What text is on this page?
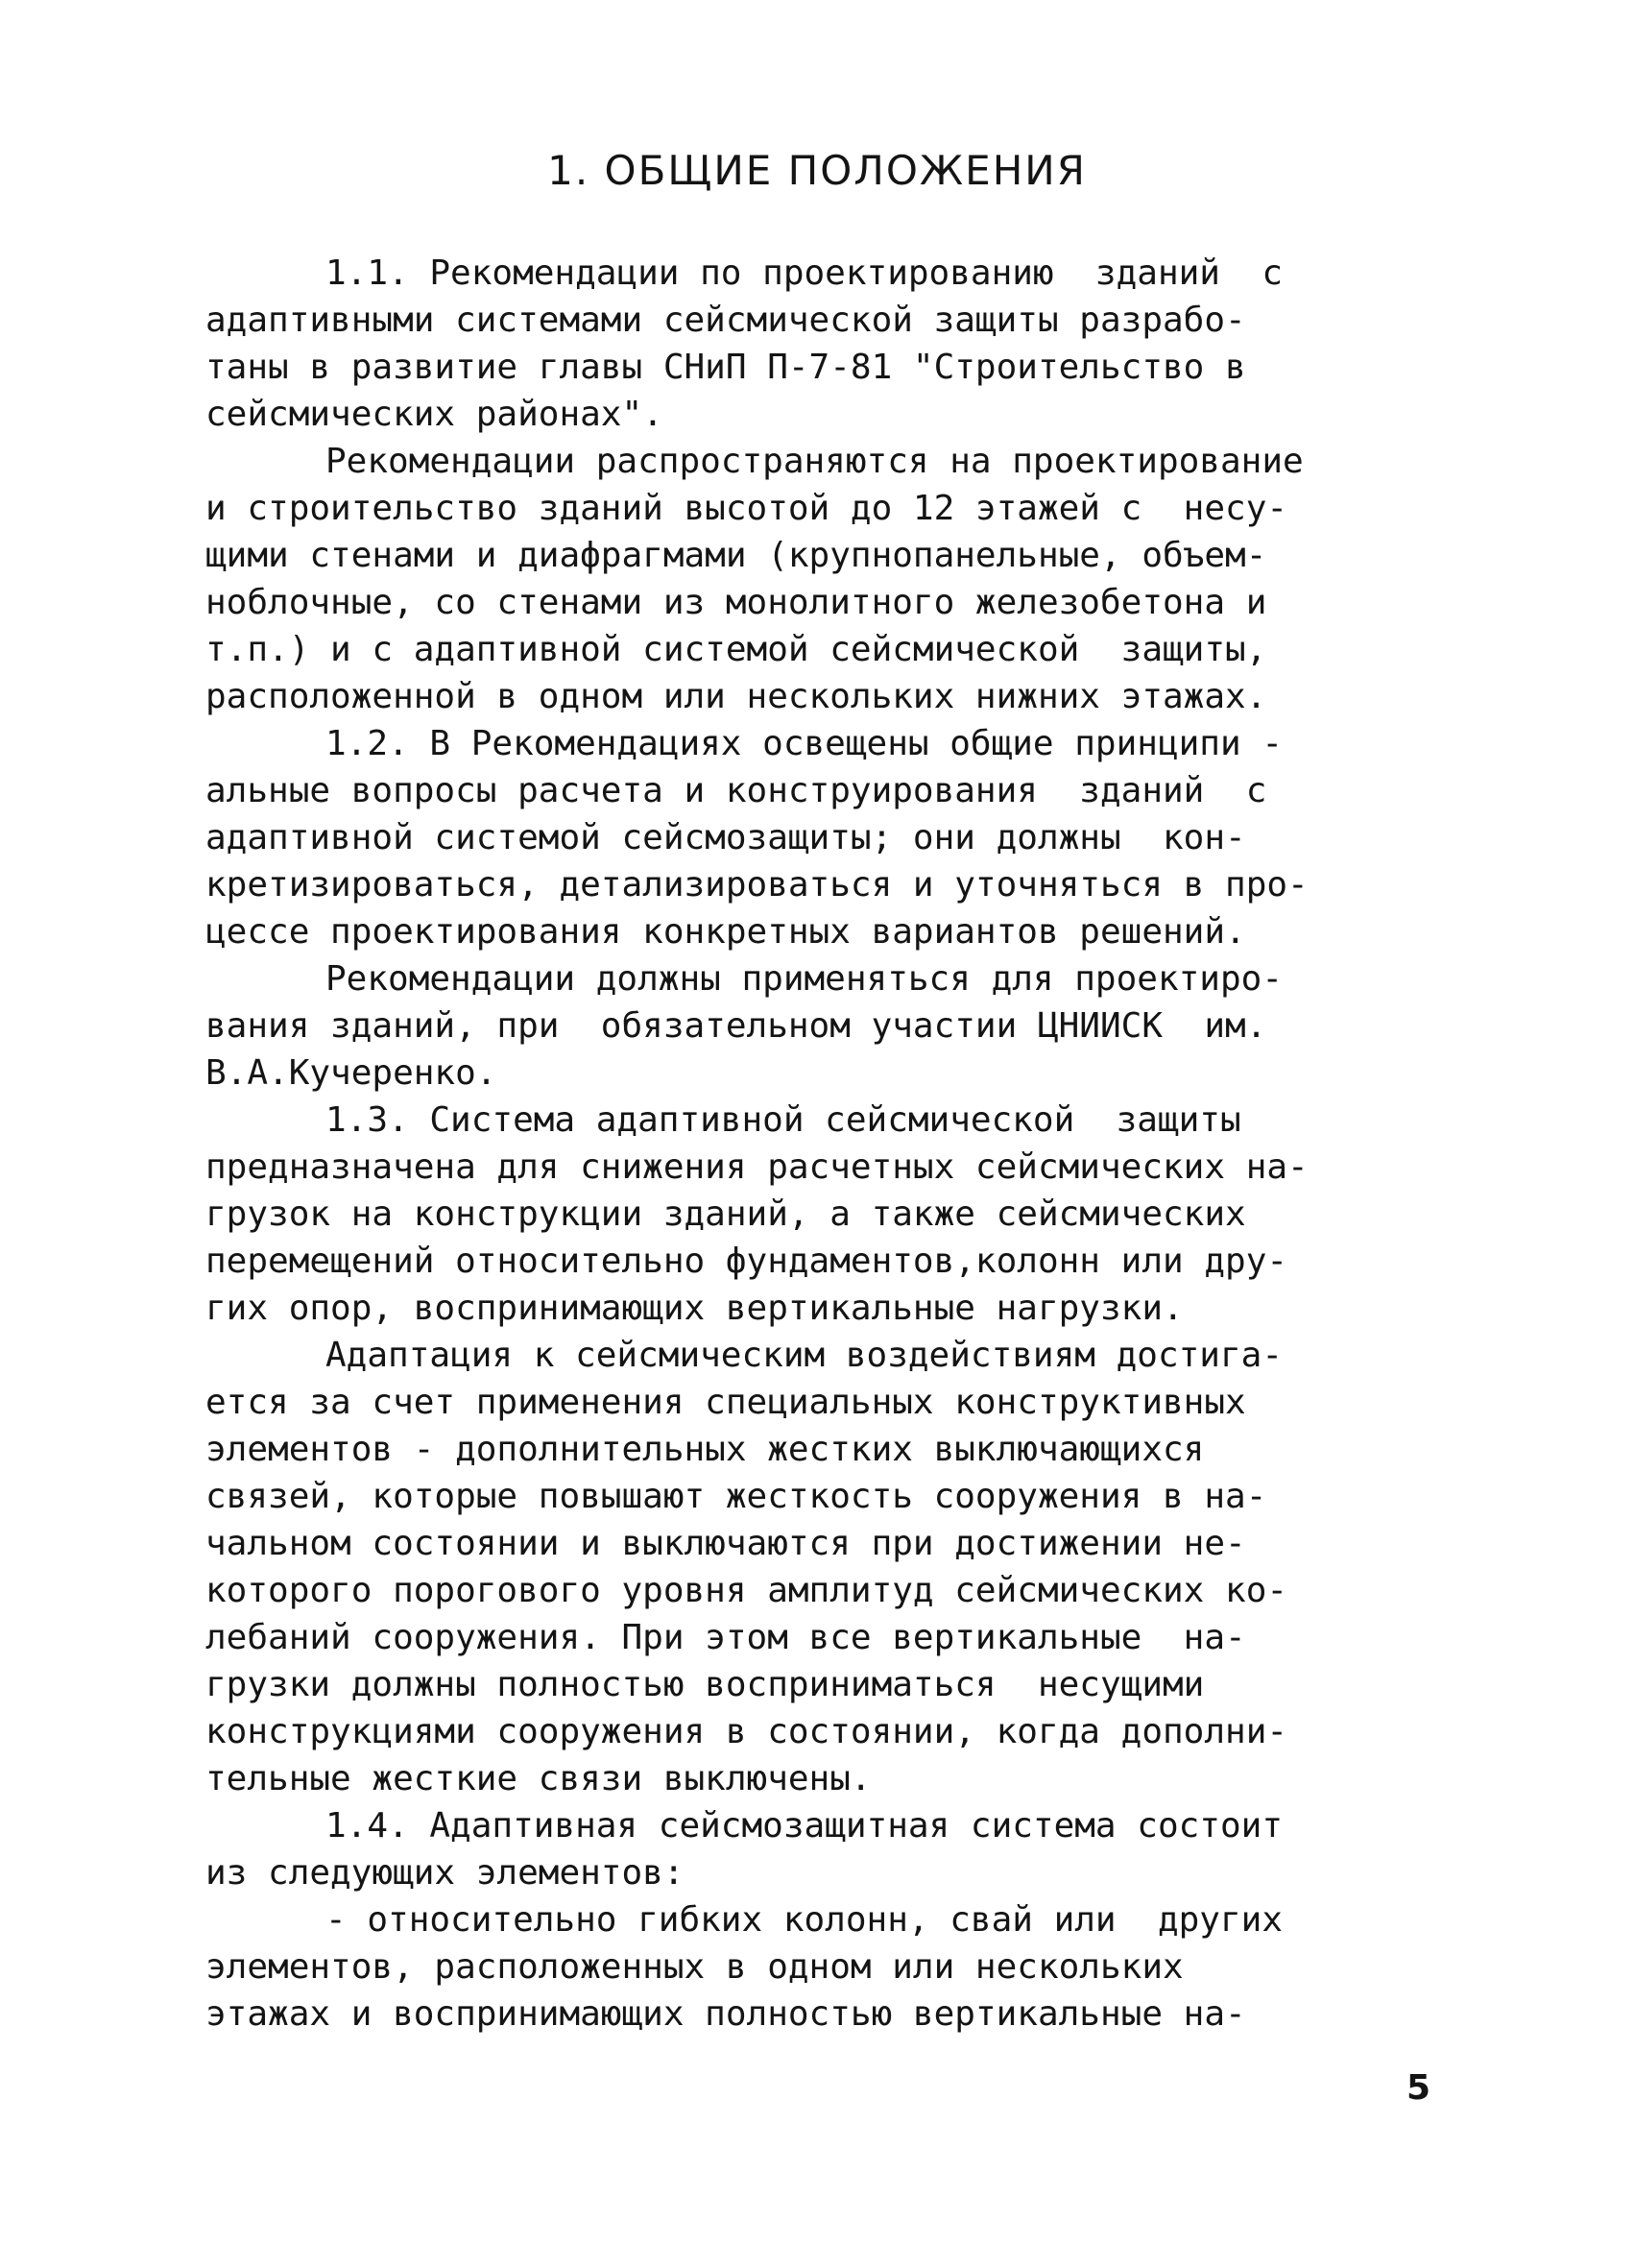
1. ОБЩИЕ ПОЛОЖЕНИЯ
1.1. Рекомендации по проектированию  зданий  с
адаптивными системами сейсмической защиты разрабо-
таны в развитие главы СНиП П-7-81 "Строительство в
сейсмических районах".
Рекомендации распространяются на проектирование
и строительство зданий высотой до 12 этажей с  несу-
щими стенами и диафрагмами (крупнопанельные, объем-
ноблочные, со стенами из монолитного железобетона и
т.п.) и с адаптивной системой сейсмической  защиты,
расположенной в одном или нескольких нижних этажах.
1.2. В Рекомендациях освещены общие принципи -
альные вопросы расчета и конструирования  зданий  с
адаптивной системой сейсмозащиты; они должны  кон-
кретизироваться, детализироваться и уточняться в про-
цессе проектирования конкретных вариантов решений.
Рекомендации должны применяться для проектиро-
вания зданий, при  обязательном участии ЦНИИСК  им.
В.А.Кучеренко.
1.3. Система адаптивной сейсмической  защиты
предназначена для снижения расчетных сейсмических на-
грузок на конструкции зданий, а также сейсмических
перемещений относительно фундаментов,колонн или дру-
гих опор, воспринимающих вертикальные нагрузки.
Адаптация к сейсмическим воздействиям достига-
ется за счет применения специальных конструктивных
элементов - дополнительных жестких выключающихся
связей, которые повышают жесткость сооружения в на-
чальном состоянии и выключаются при достижении не-
которого порогового уровня амплитуд сейсмических ко-
лебаний сооружения. При этом все вертикальные  на-
грузки должны полностью восприниматься  несущими
конструкциями сооружения в состоянии, когда дополни-
тельные жесткие связи выключены.
1.4. Адаптивная сейсмозащитная система состоит
из следующих элементов:
- относительно гибких колонн, свай или  других
элементов, расположенных в одном или нескольких
этажах и воспринимающих полностью вертикальные на-
5
